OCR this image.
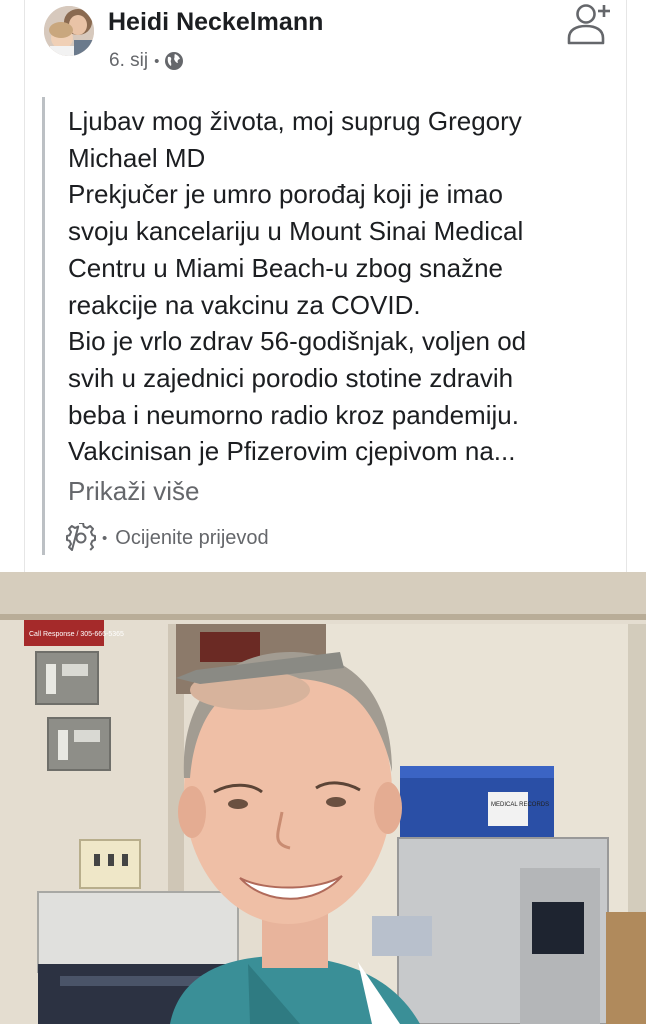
Heidi Neckelmann
6. sij •
Ljubav mog života, moj suprug Gregory
Michael MD
Prekjučer je umro porođaj koji je imao
svoju kancelariju u Mount Sinai Medical
Centru u Miami Beach-u zbog snažne
reakcije na vakcinu za COVID.
Bio je vrlo zdrav 56-godišnjak, voljen od
svih u zajednici porodio stotine zdravih
beba i neumorno radio kroz pandemiju.
Vakcinisan je Pfizerovim cjepivom na...
Prikaži više
• Ocijenite prijevod
Call Response / 305-666-5365
MEDICAL RECORDS
